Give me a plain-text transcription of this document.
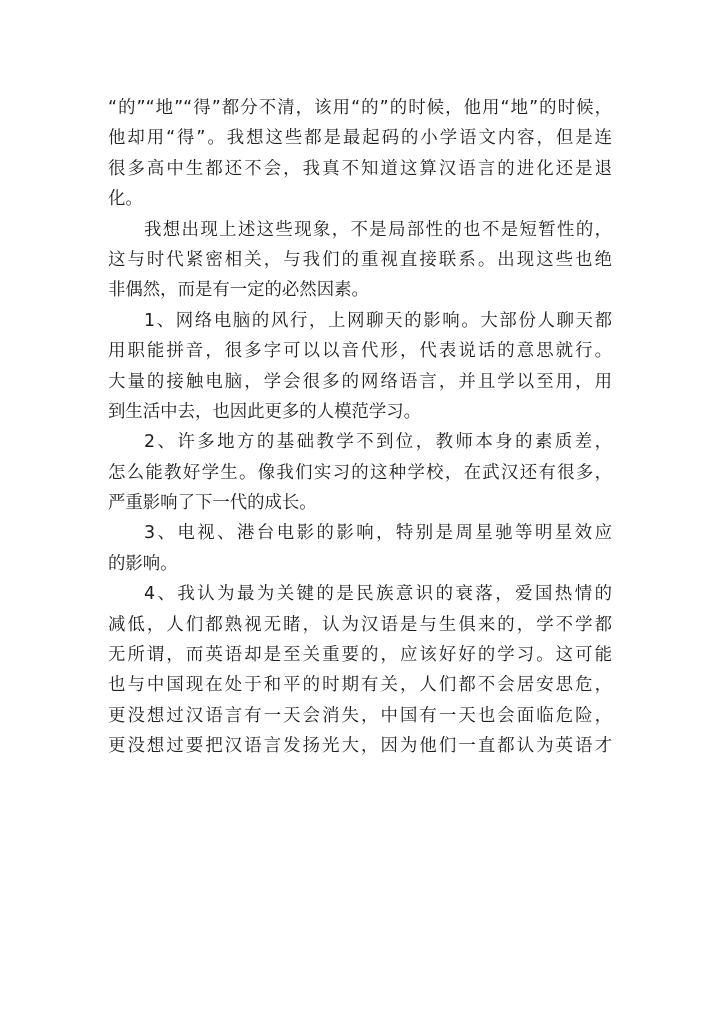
“的”“地”“得”都分不清，该用“的”的时候，他用“地”的时候，
他却用“得”。我想这些都是最起码的小学语文内容，但是连
很多高中生都还不会，我真不知道这算汉语言的进化还是退
化。
我想出现上述这些现象，不是局部性的也不是短暂性的，
这与时代紧密相关，与我们的重视直接联系。出现这些也绝
非偶然，而是有一定的必然因素。
1、网络电脑的风行，上网聊天的影响。大部份人聊天都
用职能拼音，很多字可以以音代形，代表说话的意思就行。
大量的接触电脑，学会很多的网络语言，并且学以至用，用
到生活中去，也因此更多的人模范学习。
2、许多地方的基础教学不到位，教师本身的素质差，
怎么能教好学生。像我们实习的这种学校，在武汉还有很多，
严重影响了下一代的成长。
3、电视、港台电影的影响，特别是周星驰等明星效应
的影响。
4、我认为最为关键的是民族意识的衰落，爱国热情的
减低，人们都熟视无睹，认为汉语是与生俱来的，学不学都
无所谓，而英语却是至关重要的，应该好好的学习。这可能
也与中国现在处于和平的时期有关，人们都不会居安思危，
更没想过汉语言有一天会消失，中国有一天也会面临危险，
更没想过要把汉语言发扬光大，因为他们一直都认为英语才
